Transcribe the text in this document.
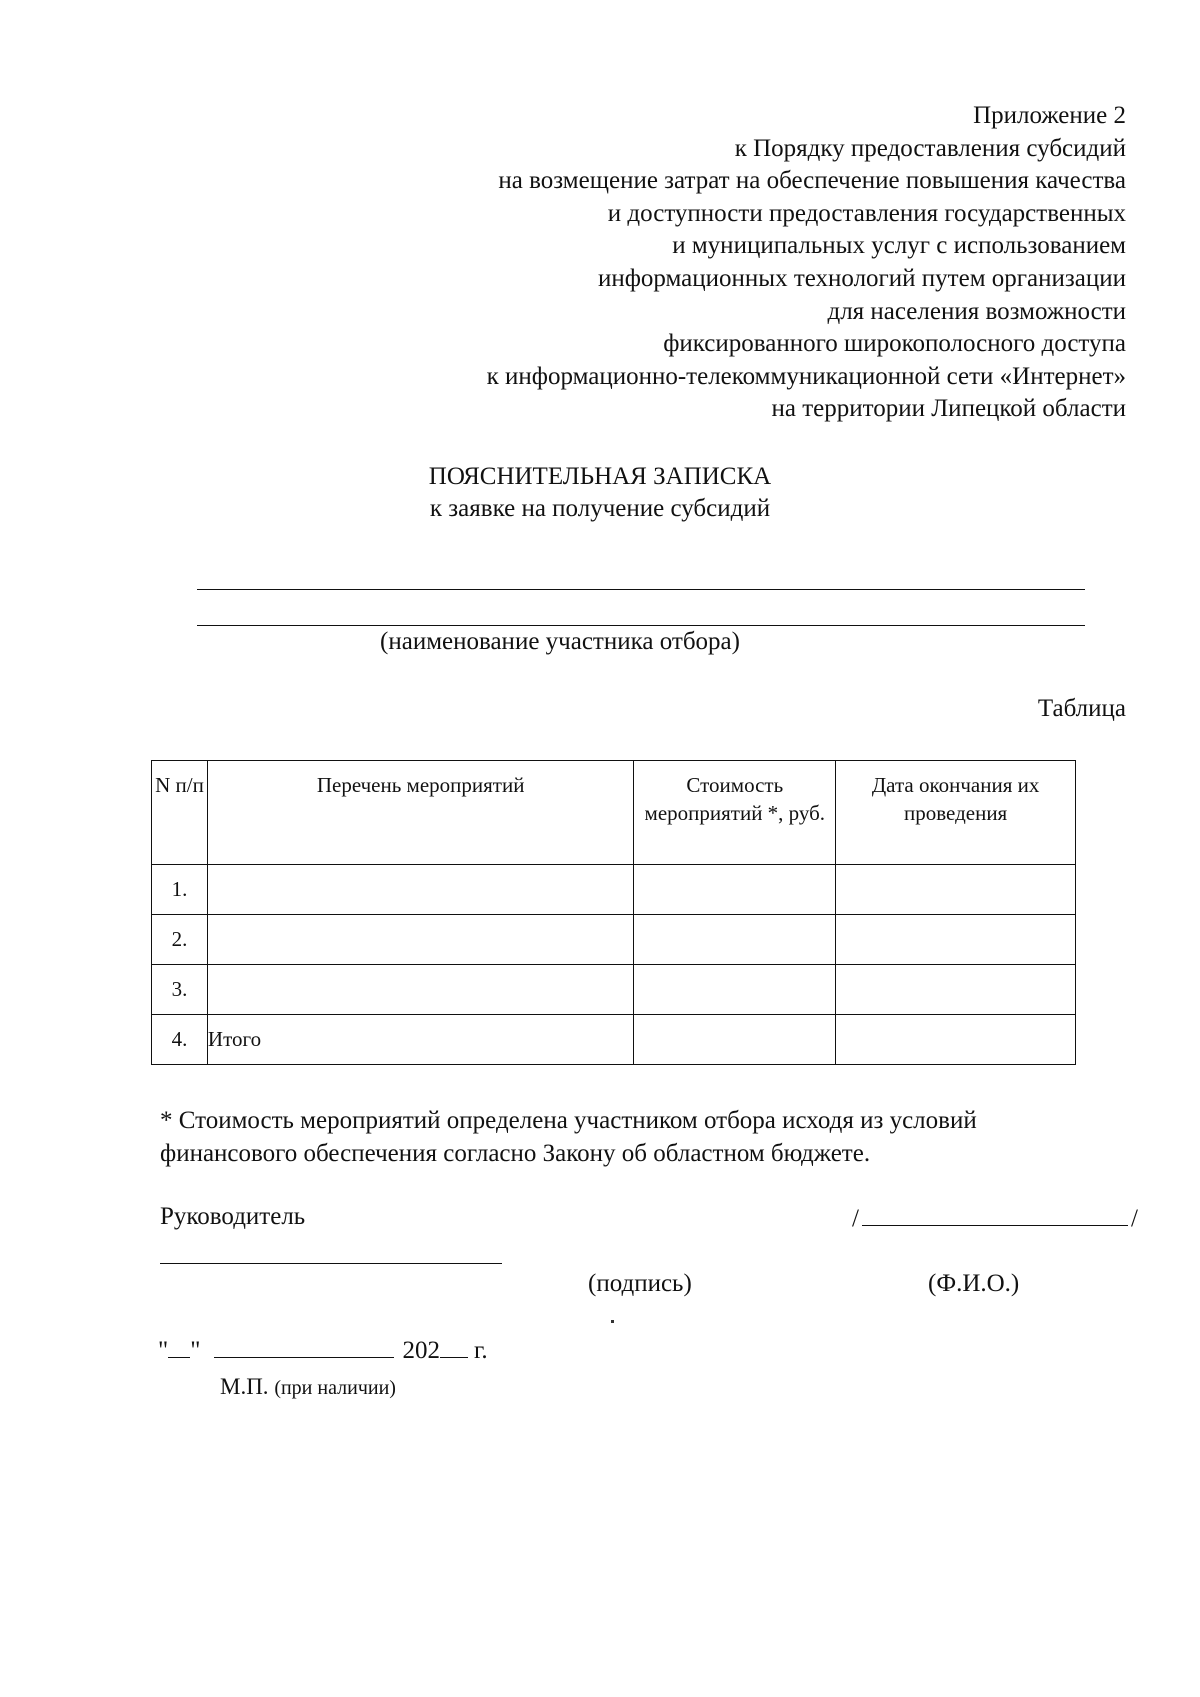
Приложение 2
к Порядку предоставления субсидий
на возмещение затрат на обеспечение повышения качества
и доступности предоставления государственных
и муниципальных услуг с использованием
информационных технологий путем организации
для населения возможности
фиксированного широкополосного доступа
к информационно-телекоммуникационной сети «Интернет»
на территории Липецкой области
ПОЯСНИТЕЛЬНАЯ ЗАПИСКА
к заявке на получение субсидий
(наименование участника отбора)
Таблица
N п/п	Перечень мероприятий	Стоимость мероприятий *, руб.	Дата окончания их проведения
1.			
2.			
3.			
4.	Итого		
* Стоимость мероприятий определена участником отбора исходя из условий
финансового обеспечения согласно Закону об областном бюджете.
Руководитель	/	/
(подпись)	(Ф.И.О.)
" "	202 г.
М.П. (при наличии)
